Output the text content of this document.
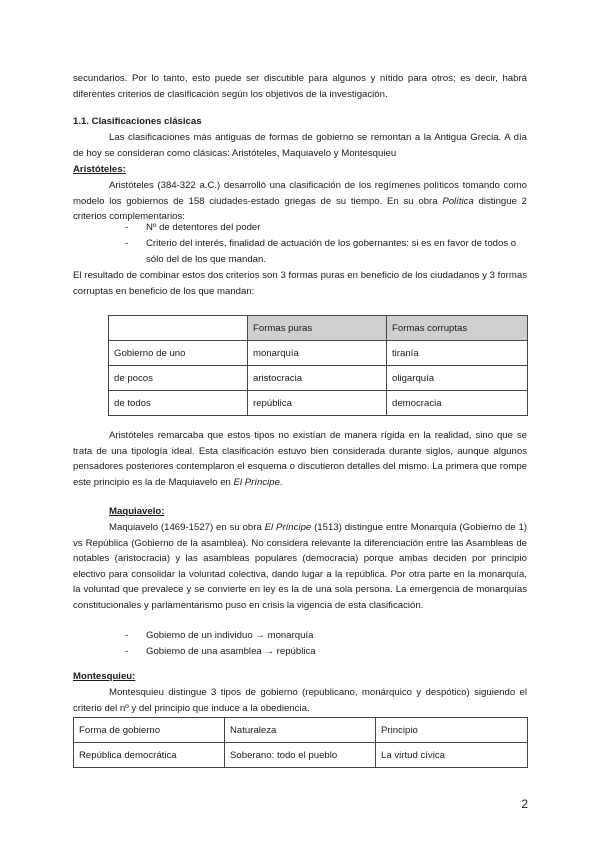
secundarios. Por lo tanto, esto puede ser discutible para algunos y nítido para otros; es decir, habrá diferentes criterios de clasificación según los objetivos de la investigación.

1.1. Clasificaciones clásicas

Las clasificaciones más antiguas de formas de gobierno se remontan a la Antigua Grecia. A día de hoy se consideran como clásicas: Aristóteles, Maquiavelo y Montesquieu

Aristóteles:

Aristóteles (384-322 a.C.) desarrolló una clasificación de los regímenes políticos tomando como modelo los gobiernos de 158 ciudades-estado griegas de su tiempo. En su obra Política distingue 2 criterios complementarios:

- Nº de detentores del poder
- Criterio del interés, finalidad de actuación de los gobernantes: si es en favor de todos o sólo del de los que mandan.

El resultado de combinar estos dos criterios son 3 formas puras en beneficio de los ciudadanos y 3 formas corruptas en beneficio de los que mandan:

	Formas puras	Formas corruptas
Gobierno de uno	monarquía	tiranía
de pocos	aristocracia	oligarquía
de todos	república	democracia

Aristóteles remarcaba que estos tipos no existían de manera rígida en la realidad, sino que se trata de una tipología ideal. Esta clasificación estuvo bien considerada durante siglos, aunque algunos pensadores posteriores contemplaron el esquema o discutieron detalles del mismo. La primera que rompe este principio es la de Maquiavelo en El Príncipe.

Maquiavelo:

Maquiavelo (1469-1527) en su obra El Príncipe (1513) distingue entre Monarquía (Gobierno de 1) vs República (Gobierno de la asamblea). No considera relevante la diferenciación entre las Asambleas de notables (aristocracia) y las asambleas populares (democracia) porque ambas deciden por principio electivo para consolidar la voluntad colectiva, dando lugar a la república. Por otra parte en la monarquía, la voluntad que prevalece y se convierte en ley es la de una sola persona. La emergencia de monarquías constitucionales y parlamentarismo puso en crisis la vigencia de esta clasificación.

- Gobierno de un individuo → monarquía
- Gobierno de una asamblea → república

Montesquieu:

Montesquieu distingue 3 tipos de gobierno (republicano, monárquico y despótico) siguiendo el criterio del nº y del principio que induce a la obediencia.

Forma de gobierno	Naturaleza	Principio
República democrática	Soberano: todo el pueblo	La virtud cívica
2
